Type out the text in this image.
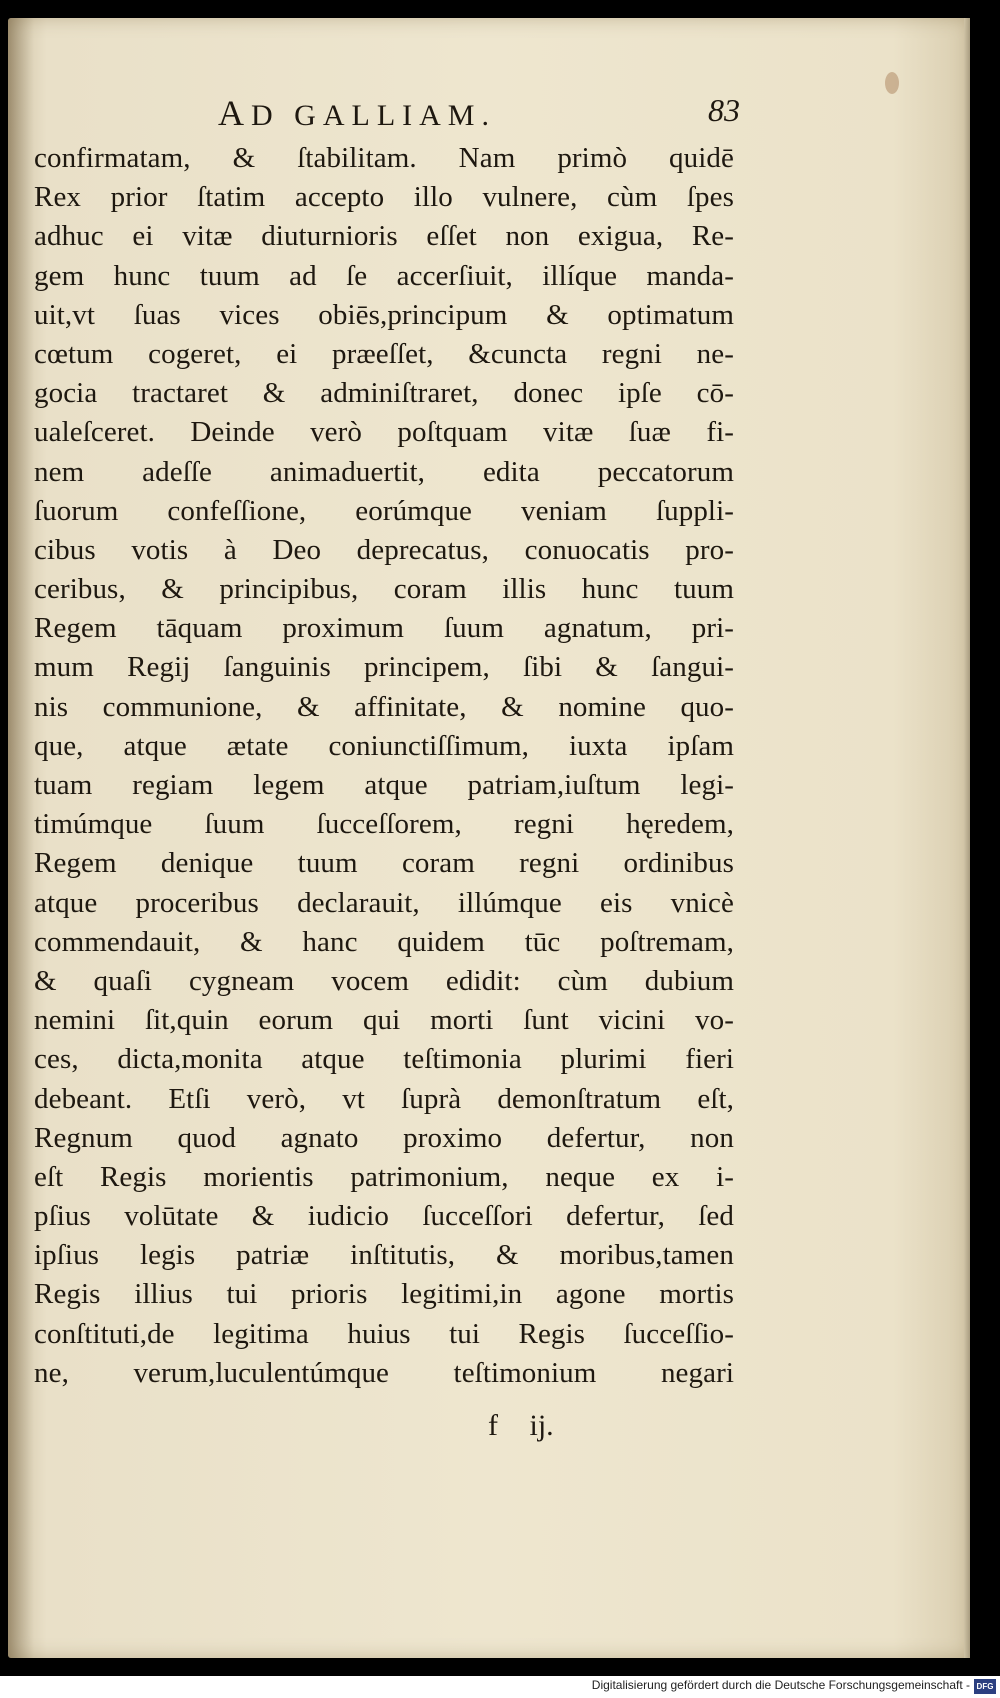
AD GALLIAM.	83
confirmatam, & ſtabilitam. Nam primò quidē
Rex prior ſtatim accepto illo vulnere, cùm ſpes
adhuc ei vitæ diuturnioris eſſet non exigua, Re-
gem hunc tuum ad ſe accerſiuit, illíque manda-
uit,vt ſuas vices obiēs,principum & optimatum
cœtum cogeret, ei præeſſet, &cuncta regni ne-
gocia tractaret & adminiſtraret, donec ipſe cō-
ualeſceret. Deinde verò poſtquam vitæ ſuæ fi-
nem adeſſe animaduertit, edita peccatorum
ſuorum confeſſione, eorúmque veniam ſuppli-
cibus votis à Deo deprecatus, conuocatis pro-
ceribus, & principibus, coram illis hunc tuum
Regem tāquam proximum ſuum agnatum, pri-
mum Regij ſanguinis principem, ſibi & ſangui-
nis communione, & affinitate, & nomine quo-
que, atque ætate coniunctiſſimum, iuxta ipſam
tuam regiam legem atque patriam,iuſtum legi-
timúmque ſuum ſucceſſorem, regni hęredem,
Regem denique tuum coram regni ordinibus
atque proceribus declarauit, illúmque eis vnicè
commendauit, & hanc quidem tūc poſtremam,
& quaſi cygneam vocem edidit: cùm dubium
nemini ſit,quin eorum qui morti ſunt vicini vo-
ces, dicta,monita atque teſtimonia plurimi fieri
debeant. Etſi verò, vt ſuprà demonſtratum eſt,
Regnum quod agnato proximo defertur, non
eſt Regis morientis patrimonium, neque ex i-
pſius volūtate & iudicio ſucceſſori defertur, ſed
ipſius legis patriæ inſtitutis, & moribus,tamen
Regis illius tui prioris legitimi,in agone mortis
conſtituti,de legitima huius tui Regis ſucceſſio-
ne, verum,luculentúmque teſtimonium negari
f ij.
Digitalisierung gefördert durch die Deutsche Forschungsgemeinschaft - DFG
